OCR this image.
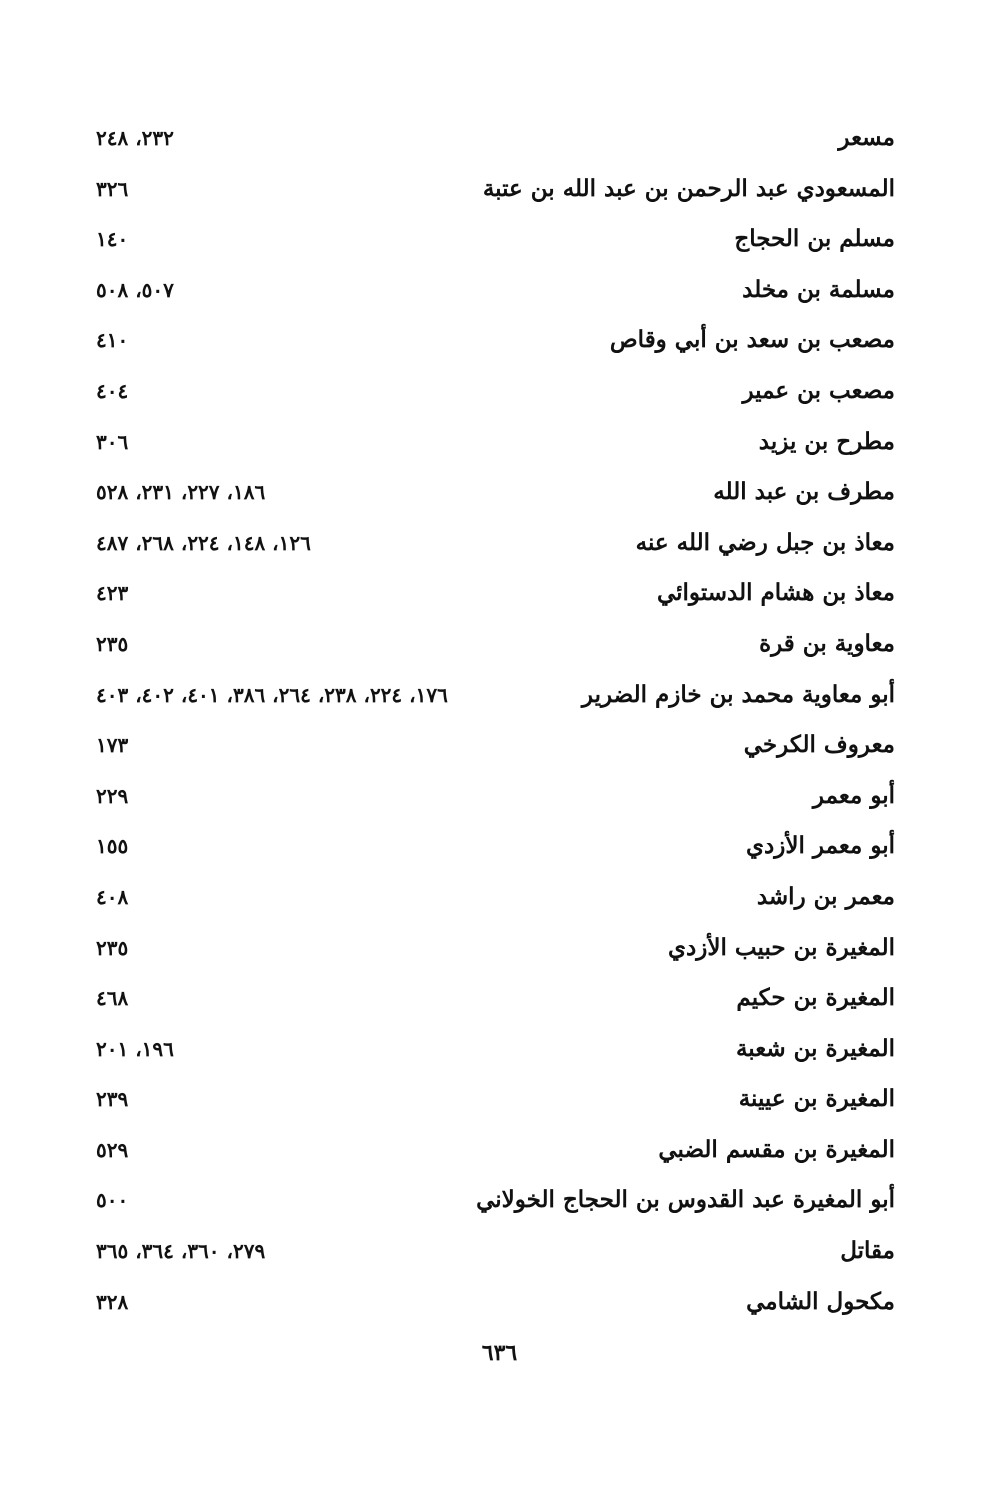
مسعر
٢٣٢، ٢٤٨
المسعودي عبد الرحمن بن عبد الله بن عتبة
٣٢٦
مسلم بن الحجاج
١٤٠
مسلمة بن مخلد
٥٠٧، ٥٠٨
مصعب بن سعد بن أبي وقاص
٤١٠
مصعب بن عمير
٤٠٤
مطرح بن يزيد
٣٠٦
مطرف بن عبد الله
١٨٦، ٢٢٧، ٢٣١، ٥٢٨
معاذ بن جبل رضي الله عنه
١٢٦، ١٤٨، ٢٢٤، ٢٦٨، ٤٨٧
معاذ بن هشام الدستوائي
٤٢٣
معاوية بن قرة
٢٣٥
أبو معاوية محمد بن خازم الضرير
١٧٦، ٢٢٤، ٢٣٨، ٢٦٤، ٣٨٦، ٤٠١، ٤٠٢، ٤٠٣
معروف الكرخي
١٧٣
أبو معمر
٢٢٩
أبو معمر الأزدي
١٥٥
معمر بن راشد
٤٠٨
المغيرة بن حبيب الأزدي
٢٣٥
المغيرة بن حكيم
٤٦٨
المغيرة بن شعبة
١٩٦، ٢٠١
المغيرة بن عيينة
٢٣٩
المغيرة بن مقسم الضبي
٥٢٩
أبو المغيرة عبد القدوس بن الحجاج الخولاني
٥٠٠
مقاتل
٢٧٩، ٣٦٠، ٣٦٤، ٣٦٥
مكحول الشامي
٣٢٨
٦٣٦
